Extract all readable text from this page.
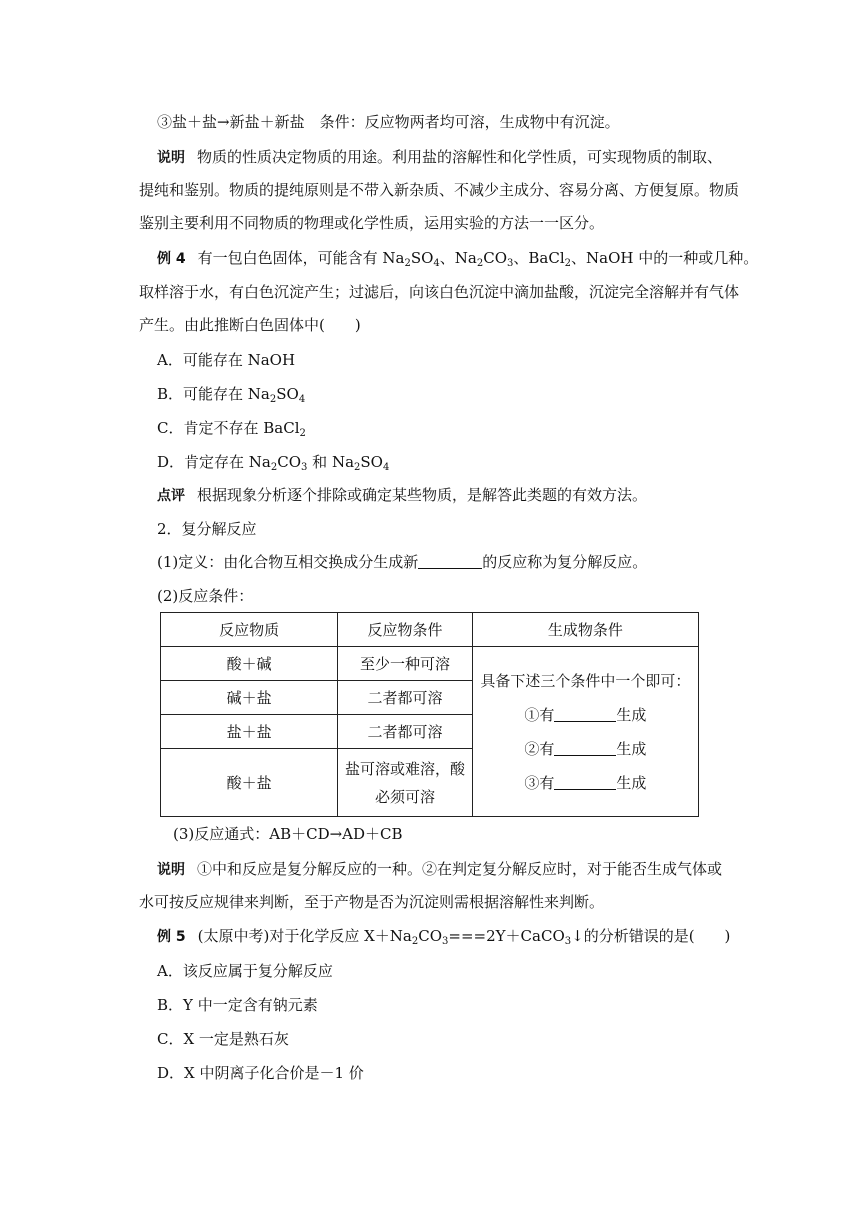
③盐＋盐→新盐＋新盐　条件：反应物两者均可溶，生成物中有沉淀。
说明 物质的性质决定物质的用途。利用盐的溶解性和化学性质，可实现物质的制取、
提纯和鉴别。物质的提纯原则是不带入新杂质、不减少主成分、容易分离、方便复原。物质
鉴别主要利用不同物质的物理或化学性质，运用实验的方法一一区分。
例 4 有一包白色固体，可能含有 $Na_2SO_4$、$Na_2CO_3$、BaCl$_2$、NaOH 中的一种或几种。
取样溶于水，有白色沉淀产生；过滤后，向该白色沉淀中滴加盐酸，沉淀完全溶解并有气体
产生。由此推断白色固体中(　　)
A．可能存在 NaOH
B．可能存在 $Na_2SO_4$
C．肯定不存在 BaCl$_2$
D．肯定存在 $Na_2CO_3$ 和 $Na_2SO_4$
点评 根据现象分析逐个排除或确定某些物质，是解答此类题的有效方法。
2．复分解反应
(1)定义：由化合物互相交换成分生成新	的反应称为复分解反应。
(2)反应条件：
反应物质	反应物条件	生成物条件
酸＋碱	至少一种可溶	具备下述三个条件中一个即可：
①有 生成
②有 生成
③有 生成

碱＋盐	二者都可溶	
盐＋盐	二者都可溶	
酸＋盐	盐可溶或难溶，酸
必须可溶	
(3)反应通式：AB＋CD→AD＋CB
说明 ①中和反应是复分解反应的一种。②在判定复分解反应时，对于能否生成气体或
水可按反应规律来判断，至于产物是否为沉淀则需根据溶解性来判断。
例 5 (太原中考)对于化学反应 $X+Na_2CO_3===2Y+CaCO_3↓$的分析错误的是(　　)
A．该反应属于复分解反应
B．Y 中一定含有钠元素
C．X 一定是熟石灰
D．X 中阴离子化合价是－1 价
